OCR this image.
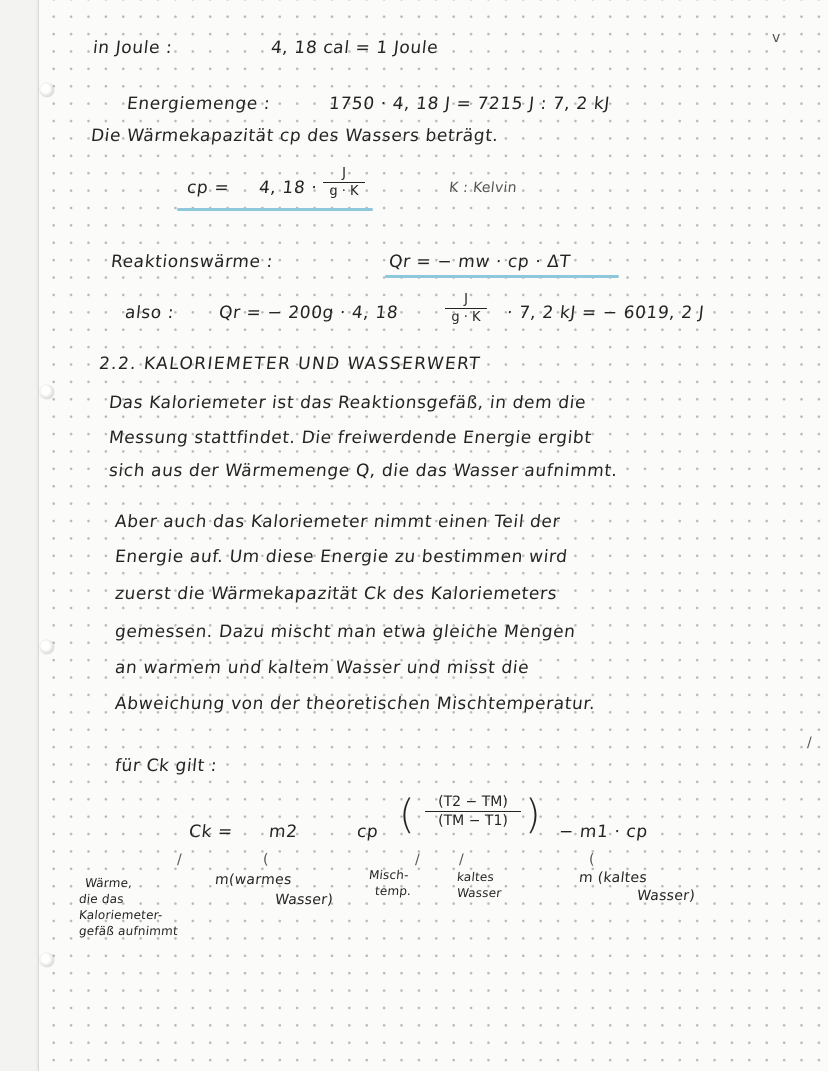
v
/
in Joule :	4, 18 cal = 1 Joule
Energiemenge :	1750 · 4, 18 J = 7215 J : 7, 2 kJ
Die Wärmekapazität cp des Wassers beträgt.
cp = 4, 18 ·
J
g · K	K : Kelvin
Reaktionswärme :	Qr = − mw · cp · ΔT
also :	Qr = − 200g · 4, 18
J
g · K	· 7, 2 kJ = − 6019, 2 J
2.2. KALORIEMETER UND WASSERWERT
Das Kaloriemeter ist das Reaktionsgefäß, in dem die
Messung stattfindet. Die freiwerdende Energie ergibt
sich aus der Wärmemenge Q, die das Wasser aufnimmt.
Aber auch das Kaloriemeter nimmt einen Teil der
Energie auf. Um diese Energie zu bestimmen wird
zuerst die Wärmekapazität Ck des Kaloriemeters
gemessen. Dazu mischt man etwa gleiche Mengen
an warmem und kaltem Wasser und misst die
Abweichung von der theoretischen Mischtemperatur.
für Ck gilt :
Ck = m2	cp (	(T2 − TM)
(TM − T1) ) − m1 · cp
/	(	/	/	(
Wärme,
die das
Kaloriemeter-
gefäß aufnimmt
m(warmes
Wasser)
Misch-
temp.
kaltes
Wasser
m (kaltes
Wasser)
